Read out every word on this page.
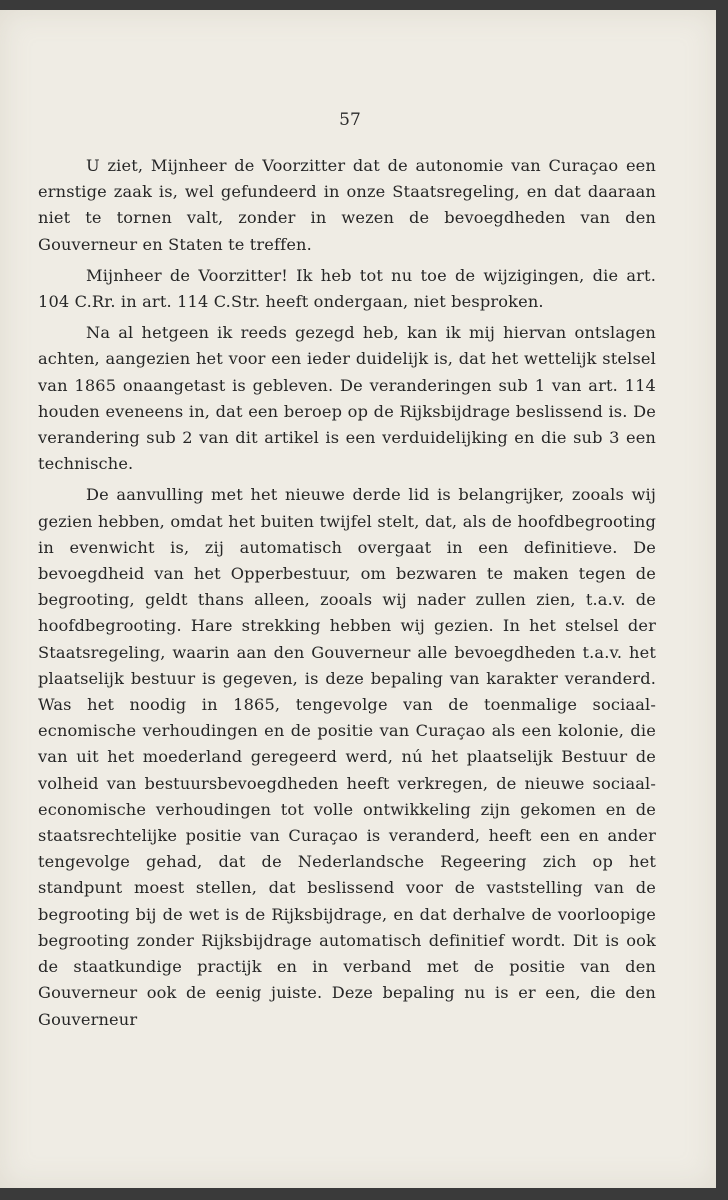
57

U ziet, Mijnheer de Voorzitter dat de autonomie van Curaçao een ernstige zaak is, wel gefundeerd in onze Staatsregeling, en dat daaraan niet te tornen valt, zonder in wezen de bevoegdheden van den Gouverneur en Staten te treffen.

Mijnheer de Voorzitter! Ik heb tot nu toe de wijzigingen, die art. 104 C.Rr. in art. 114 C.Str. heeft ondergaan, niet besproken.

Na al hetgeen ik reeds gezegd heb, kan ik mij hiervan ontslagen achten, aangezien het voor een ieder duidelijk is, dat het wettelijk stelsel van 1865 onaangetast is gebleven. De veranderingen sub 1 van art. 114 houden eveneens in, dat een beroep op de Rijksbijdrage beslissend is. De verandering sub 2 van dit artikel is een verduidelijking en die sub 3 een technische.

De aanvulling met het nieuwe derde lid is belangrijker, zooals wij gezien hebben, omdat het buiten twijfel stelt, dat, als de hoofdbegrooting in evenwicht is, zij automatisch overgaat in een definitieve. De bevoegdheid van het Opperbestuur, om bezwaren te maken tegen de begrooting, geldt thans alleen, zooals wij nader zullen zien, t.a.v. de hoofdbegrooting. Hare strekking hebben wij gezien. In het stelsel der Staatsregeling, waarin aan den Gouverneur alle bevoegdheden t.a.v. het plaatselijk bestuur is gegeven, is deze bepaling van karakter veranderd. Was het noodig in 1865, tengevolge van de toenmalige sociaal-ecnomische verhoudingen en de positie van Curaçao als een kolonie, die van uit het moederland geregeerd werd, nú het plaatselijk Bestuur de volheid van bestuursbevoegdheden heeft verkregen, de nieuwe sociaal-economische verhoudingen tot volle ontwikkeling zijn gekomen en de staatsrechtelijke positie van Curaçao is veranderd, heeft een en ander tengevolge gehad, dat de Nederlandsche Regeering zich op het standpunt moest stellen, dat beslissend voor de vaststelling van de begrooting bij de wet is de Rijksbijdrage, en dat derhalve de voorloopige begrooting zonder Rijksbijdrage automatisch definitief wordt. Dit is ook de staatkundige practijk en in verband met de positie van den Gouverneur ook de eenig juiste. Deze bepaling nu is er een, die den Gouverneur
